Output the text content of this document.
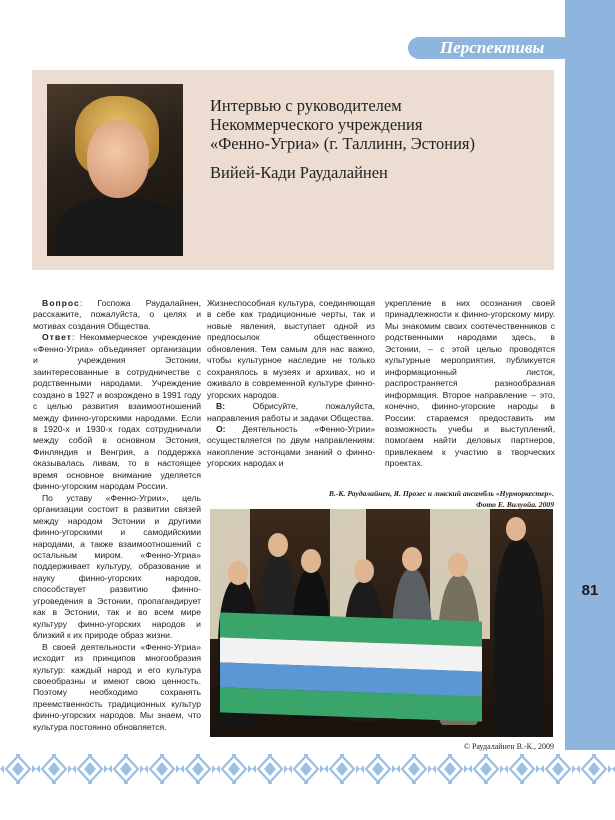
Перспективы
81
Интервью с руководителем
Некоммерческого учреждения
«Фенно-Угриа» (г. Таллинн, Эстония)
Вийей-Кади Раудалайнен

Вопрос: Госпожа Раудалайнен, расскажите, пожалуйста, о целях и мотивах создания Общества.

Ответ: Некоммерческое учреждение «Фенно-Угриа» объединяет организации и учреждения Эстонии, заинтересованные в сотрудничестве с родственными народами. Учреждение создано в 1927 и возрождено в 1991 году с целью развития взаимоотношений между финно-угорскими народами. Если в 1920-х и 1930-х годах сотрудничали между собой в основном Эстония, Финляндия и Венгрия, а поддержка оказывалась ливам, то в настоящее время основное внимание уделяется финно-угорским народам России.

По уставу «Фенно-Угрии», цель организации состоит в развитии связей между народом Эстонии и другими финно-угорскими и самодийскими народами, а также взаимоотношений с остальным миром. «Фенно-Угриа» поддерживает культуру, образование и науку финно-угорских народов, способствует развитию финно-угроведения в Эстонии, пропагандирует как в Эстонии, так и во всем мире культуру финно-угорских народов и близкий к их природе образ жизни.

В своей деятельности «Фенно-Угриа» исходит из принципов многообразия культур: каждый народ и его культура своеобразны и имеют свою ценность. Поэтому необходимо сохранять преемственность традиционных культур финно-угорских народов. Мы знаем, что культура постоянно обновляется.

Жизнеспособная культура, соединяющая в себе как традиционные черты, так и новые явления, выступает одной из предпосылок общественного обновления. Тем самым для нас важно, чтобы культурное наследие не только сохранялось в музеях и архивах, но и оживало в современной культуре финно-угорских народов.

В: Обрисуйте, пожалуйста, направления работы и задачи Общества.

О: Деятельность «Фенно-Угрии» осуществляется по двум направлениям: накопление эстонцами знаний о финно-угорских народах и

укрепление в них осознания своей принадлежности к финно-угорскому миру. Мы знакомим своих соотечественников с родственными народами здесь, в Эстонии, – с этой целью проводятся культурные мероприятия, публикуется информационный листок, распространяется разнообразная информация. Второе направление – это, конечно, финно-угорские народы в России: стараемся предоставить им возможность учебы и выступлений, помогаем найти деловых партнеров, привлекаем к участию в творческих проектах.

В.-К. Раудалайнен, Я. Прозес и ливский ансамбль «Нурморкестер».
Фото Е. Вилуойа. 2009
© Раудалайнен В.-К., 2009
